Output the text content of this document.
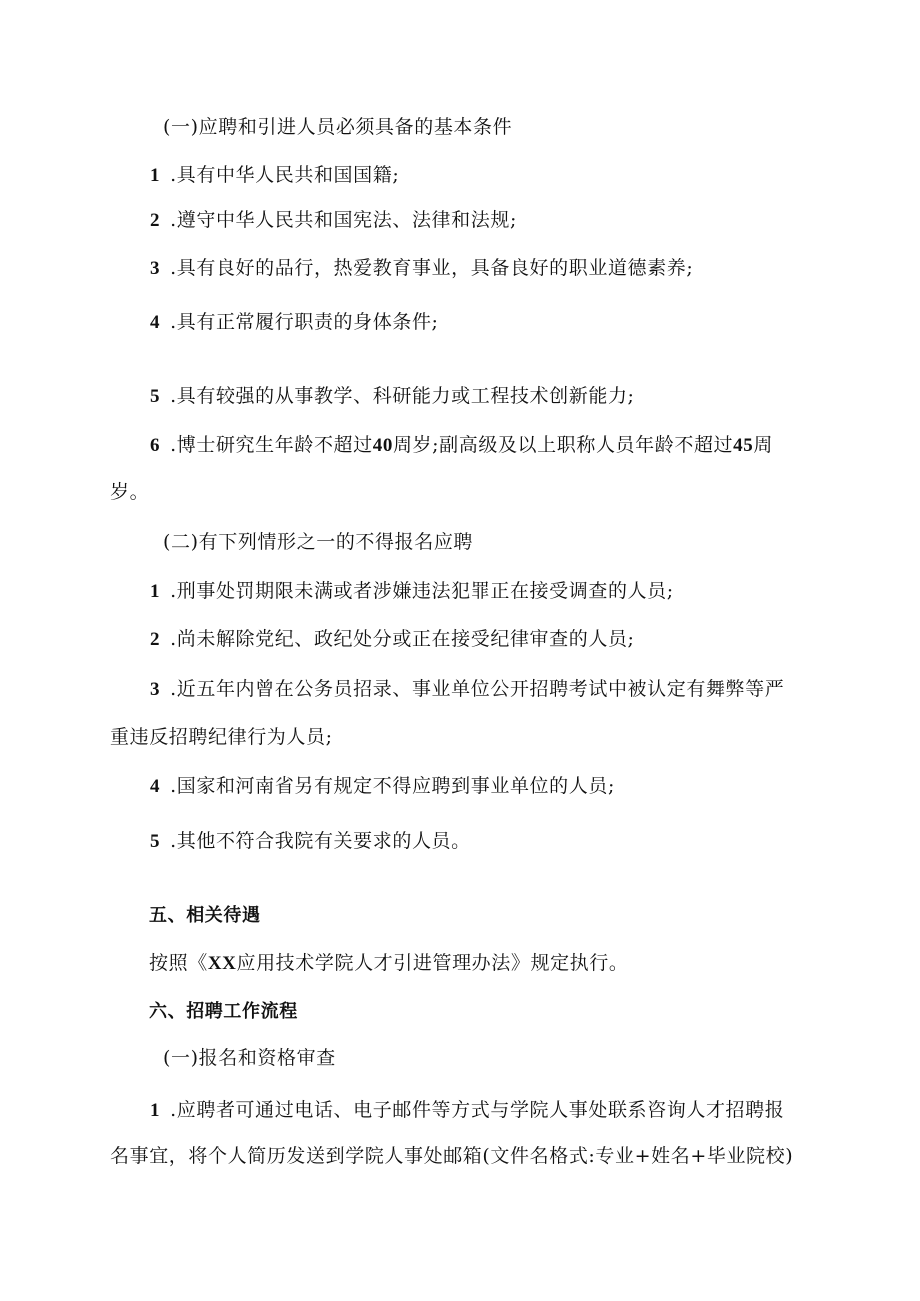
(一)应聘和引进人员必须具备的基本条件
1 .具有中华人民共和国国籍;
2 .遵守中华人民共和国宪法、法律和法规;
3 .具有良好的品行，热爱教育事业，具备良好的职业道德素养;
4 .具有正常履行职责的身体条件;
5 .具有较强的从事教学、科研能力或工程技术创新能力;
6 .博士研究生年龄不超过40周岁;副高级及以上职称人员年龄不超过45周
岁。
(二)有下列情形之一的不得报名应聘
1 .刑事处罚期限未满或者涉嫌违法犯罪正在接受调查的人员;
2 .尚未解除党纪、政纪处分或正在接受纪律审查的人员;
3 .近五年内曾在公务员招录、事业单位公开招聘考试中被认定有舞弊等严
重违反招聘纪律行为人员;
4 .国家和河南省另有规定不得应聘到事业单位的人员;
5 .其他不符合我院有关要求的人员。
五、相关待遇
按照《XX应用技术学院人才引进管理办法》规定执行。
六、招聘工作流程
(一)报名和资格审查
1 .应聘者可通过电话、电子邮件等方式与学院人事处联系咨询人才招聘报
名事宜，将个人简历发送到学院人事处邮箱(文件名格式:专业+姓名+毕业院校)
